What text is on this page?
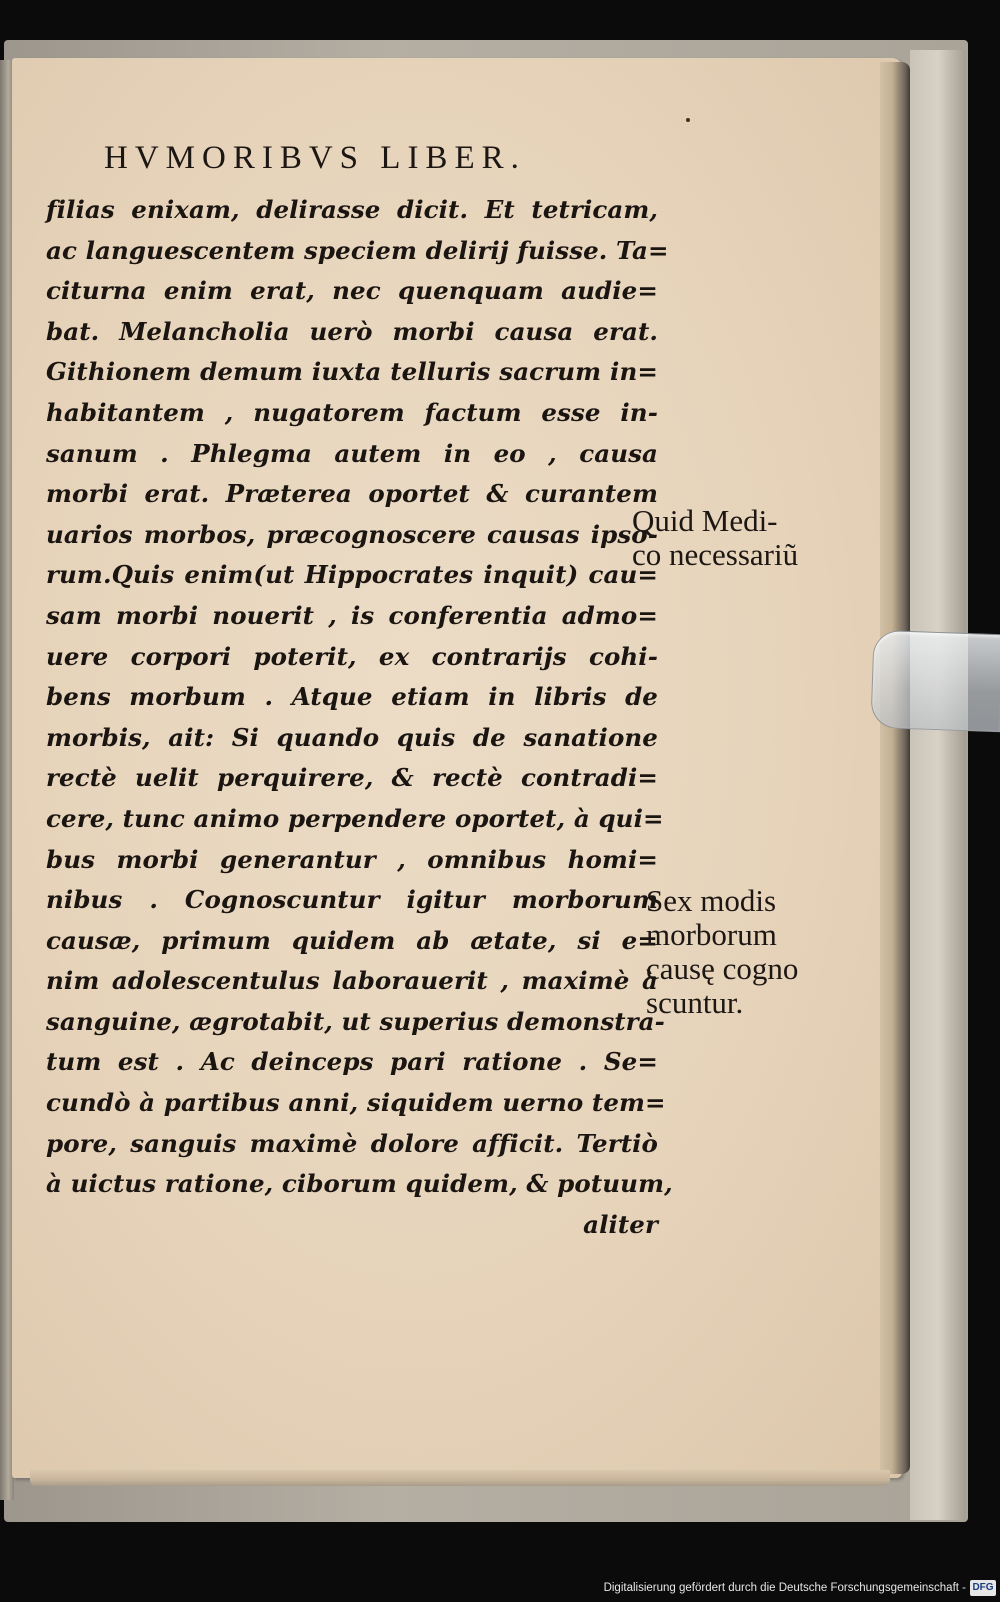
HVMORIBVS LIBER.
filias enixam, delirasse dicit. Et tetricam,
ac languescentem speciem delirij fuisse. Ta=
citurna enim erat, nec quenquam audie=
bat. Melancholia uerò morbi causa erat.
Githionem demum iuxta telluris sacrum in=
habitantem , nugatorem factum esse in-
sanum . Phlegma autem in eo , causa
morbi erat. Præterea oportet & curantem
uarios morbos, præcognoscere causas ipso-
rum.Quis enim(ut Hippocrates inquit) cau=
sam morbi nouerit , is conferentia admo=
uere corpori poterit, ex contrarijs cohi-
bens morbum . Atque etiam in libris de
morbis, ait: Si quando quis de sanatione
rectè uelit perquirere, & rectè contradi=
cere, tunc animo perpendere oportet, à qui=
bus morbi generantur , omnibus homi=
nibus . Cognoscuntur igitur morborum
causæ, primum quidem ab ætate, si e=
nim adolescentulus laborauerit , maximè à
sanguine, ægrotabit, ut superius demonstra-
tum est . Ac deinceps pari ratione . Se=
cundò à partibus anni, siquidem uerno tem=
pore, sanguis maximè dolore afficit. Tertiò
à uictus ratione, ciborum quidem, & potuum,
aliter
Quid Medi-
co necessariũ
Sex modis
morborum
causę cogno
scuntur.
Digitalisierung gefördert durch die Deutsche Forschungsgemeinschaft - DFG
